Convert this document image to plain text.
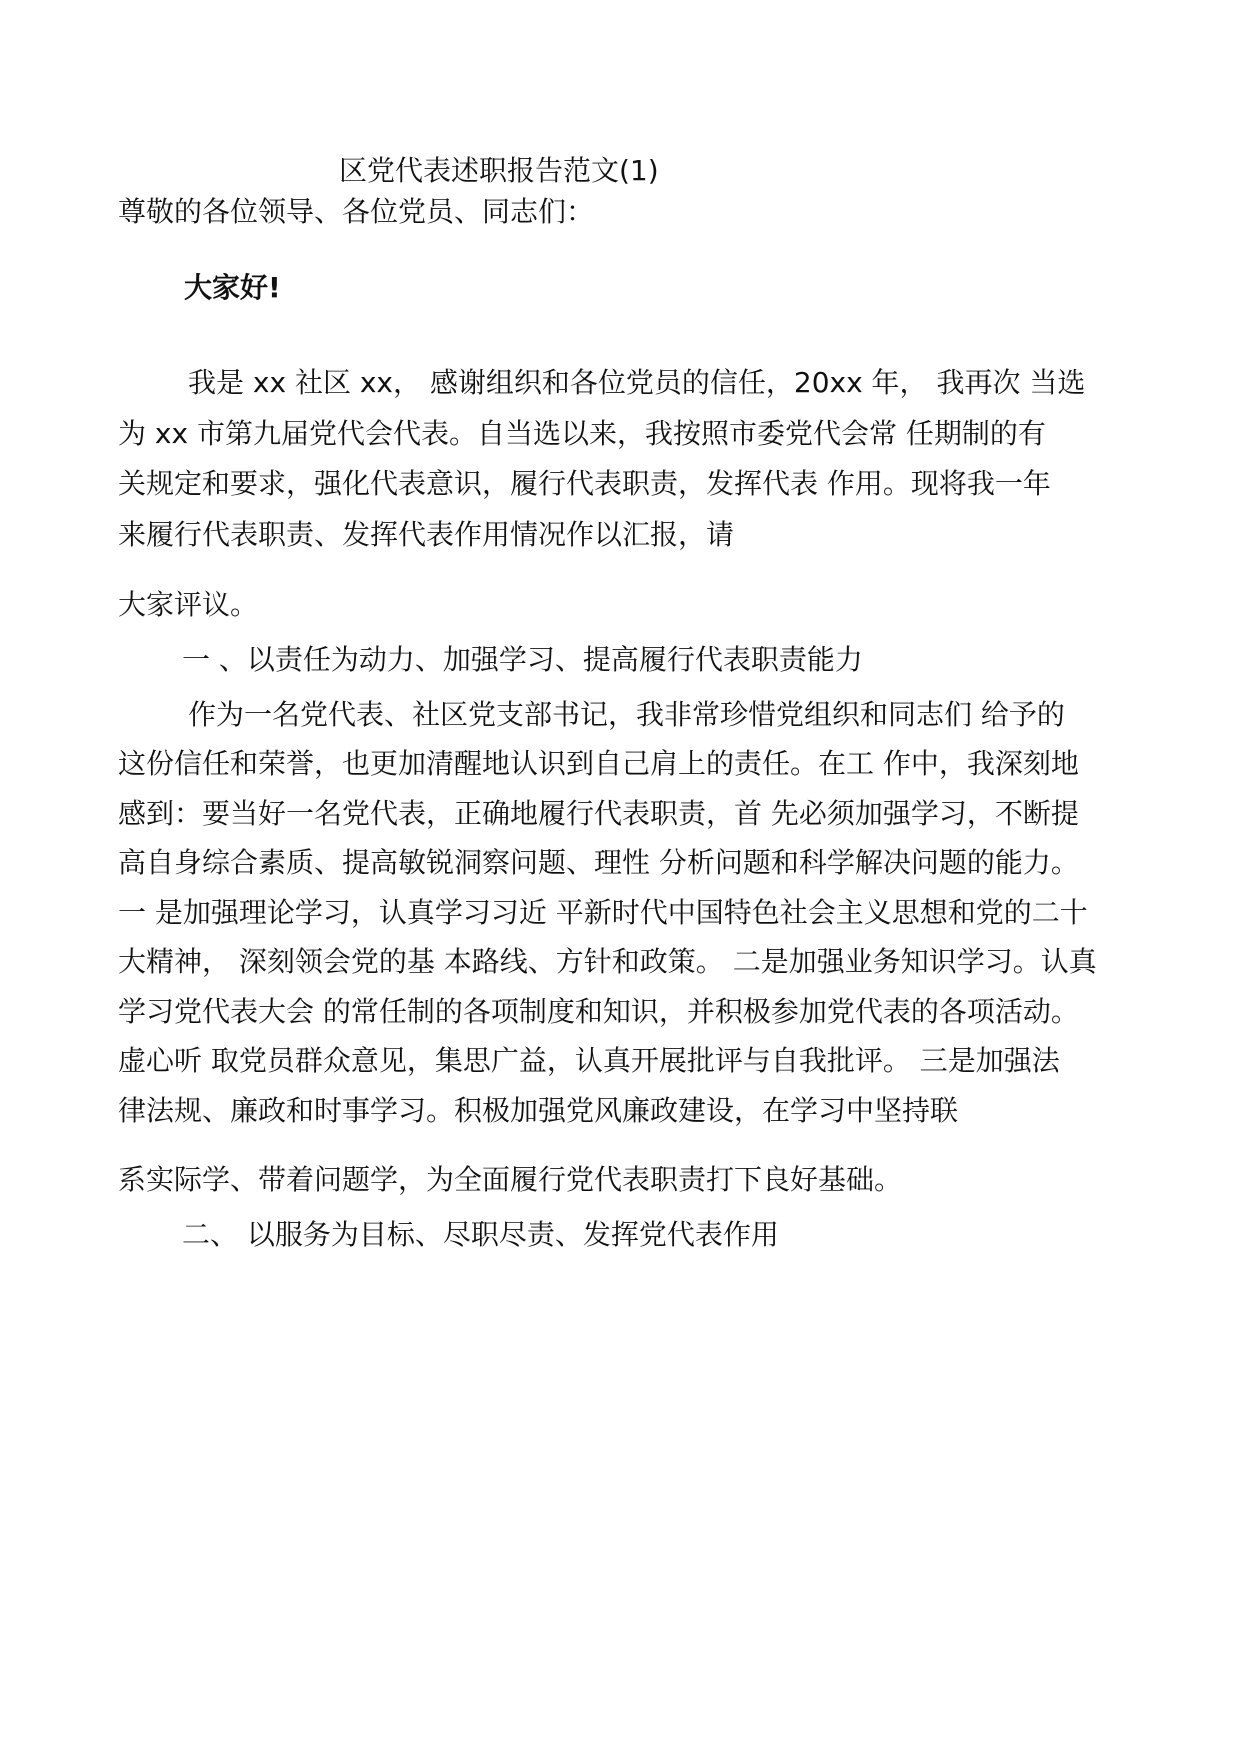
区党代表述职报告范文(1)
尊敬的各位领导、各位党员、同志们：
大家好!
我是 xx 社区 xx， 感谢组织和各位党员的信任，20xx 年， 我再次 当选
为 xx 市第九届党代会代表。自当选以来，我按照市委党代会常 任期制的有
关规定和要求，强化代表意识，履行代表职责，发挥代表 作用。现将我一年
来履行代表职责、发挥代表作用情况作以汇报，请
大家评议。
一 、以责任为动力、加强学习、提高履行代表职责能力
作为一名党代表、社区党支部书记，我非常珍惜党组织和同志们 给予的
这份信任和荣誉，也更加清醒地认识到自己肩上的责任。在工 作中，我深刻地
感到：要当好一名党代表，正确地履行代表职责，首 先必须加强学习，不断提
高自身综合素质、提高敏锐洞察问题、理性 分析问题和科学解决问题的能力。
一 是加强理论学习，认真学习习近 平新时代中国特色社会主义思想和党的二十
大精神， 深刻领会党的基 本路线、方针和政策。 二是加强业务知识学习。认真
学习党代表大会 的常任制的各项制度和知识，并积极参加党代表的各项活动。
虚心听 取党员群众意见，集思广益，认真开展批评与自我批评。 三是加强法
律法规、廉政和时事学习。积极加强党风廉政建设，在学习中坚持联
系实际学、带着问题学，为全面履行党代表职责打下良好基础。
二、 以服务为目标、尽职尽责、发挥党代表作用
